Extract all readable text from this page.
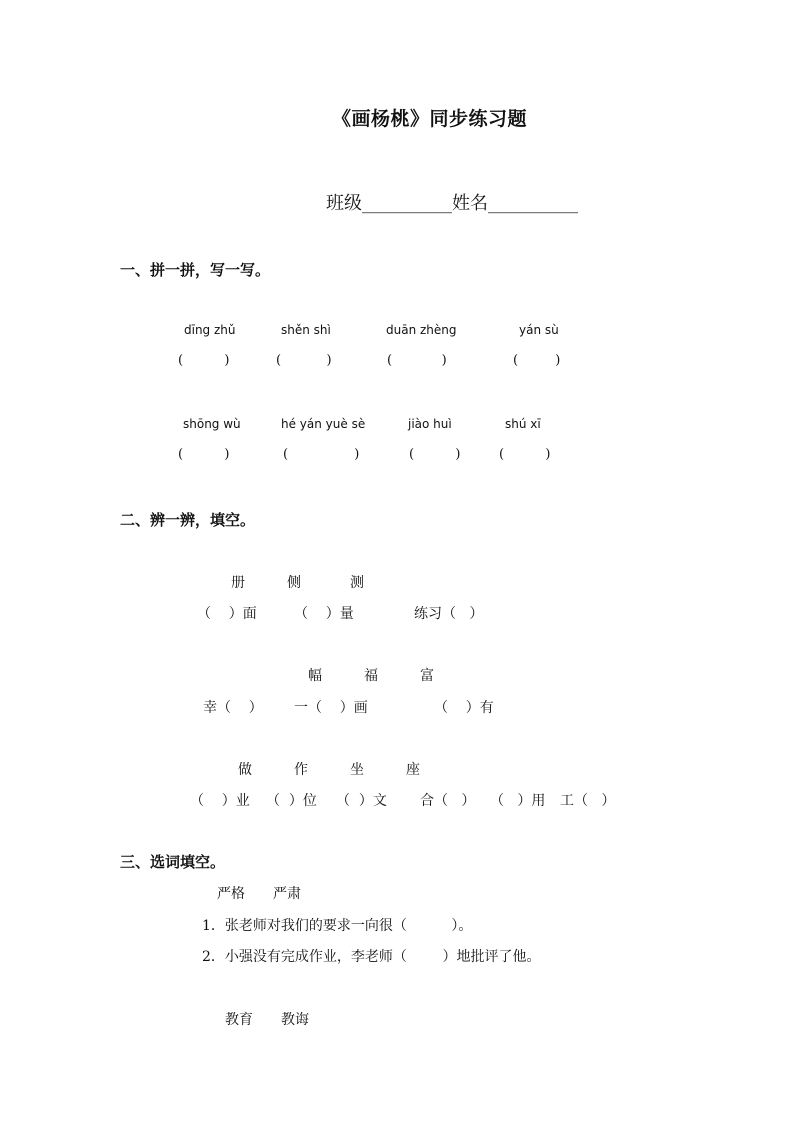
《画杨桃》同步练习题
班级__________姓名__________
一、拼一拼，写一写。
dīng zhǔ	shěn shì	duān zhèng	yán sù
(          )	(           )	(            )	(         )
shōng wù	hé yán yuè sè	jiào huì	shú xī
(          )	(                )	(          )	(          )
二、辨一辨，填空。
册	侧	测
（    ）面	（    ）量	练习（   ）
幅	福	富
幸（    ） 一（    ）画	（    ）有
做	作	坐	座
（    ）业 （  ）位 （  ）文 合（   ） （   ）用 工（   ）
三、选词填空。
严格 严肃
1．张老师对我们的要求一向很（          ）。
2．小强没有完成作业，李老师（        ）地批评了他。
教育 教诲
